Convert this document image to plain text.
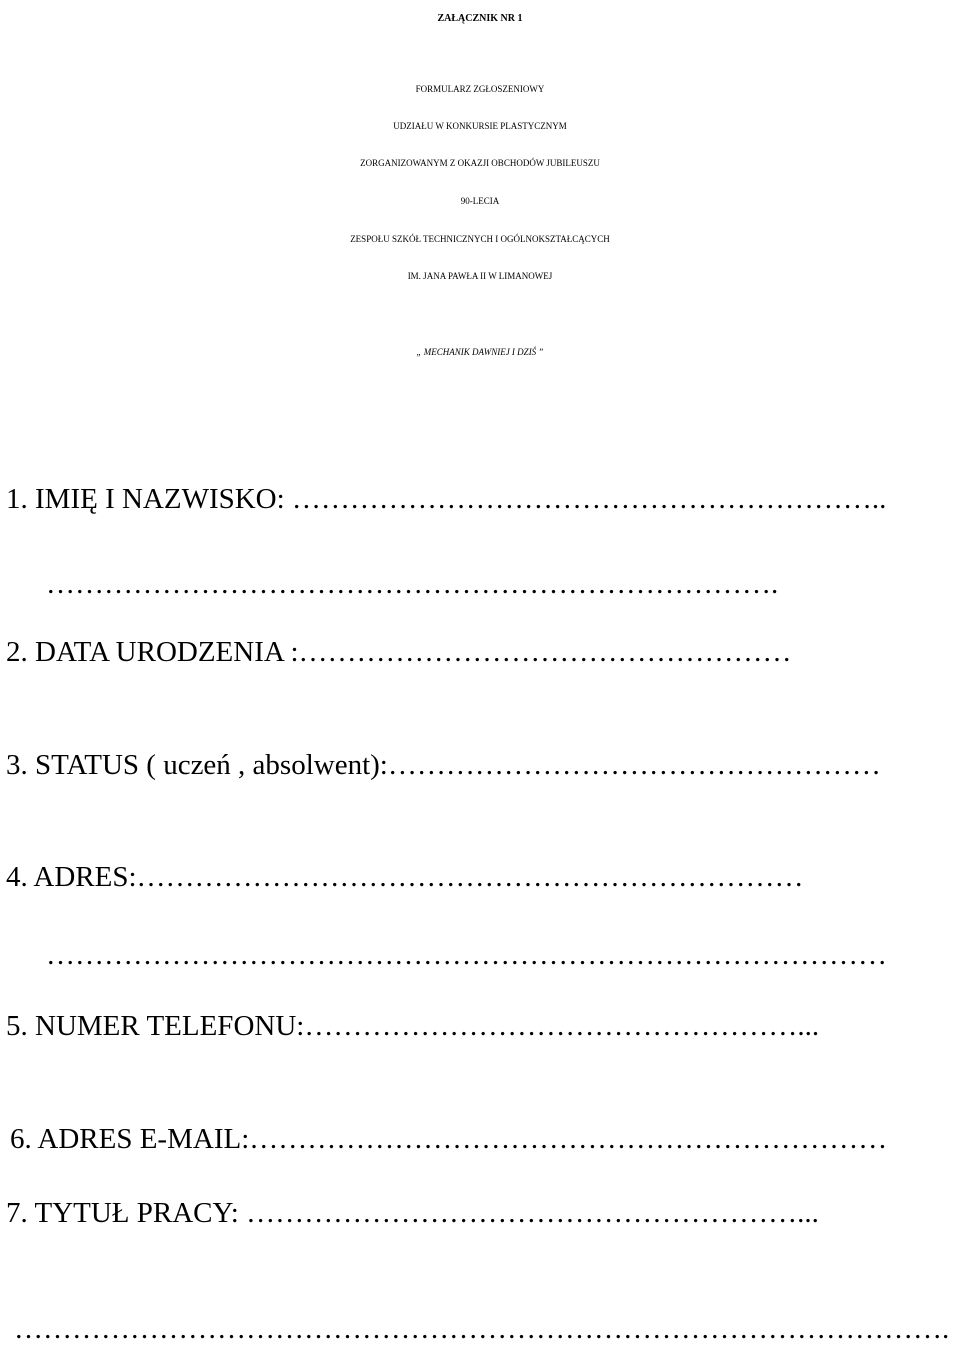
ZAŁĄCZNIK NR 1
FORMULARZ ZGŁOSZENIOWY
UDZIAŁU W KONKURSIE PLASTYCZNYM
ZORGANIZOWANYM Z OKAZJI OBCHODÓW JUBILEUSZU
90-LECIA
ZESPOŁU SZKÓŁ TECHNICZNYCH I OGÓLNOKSZTAŁCĄCYCH
IM. JANA PAWŁA II W LIMANOWEJ
„ MECHANIK DAWNIEJ I DZIŚ ”
1. IMIĘ I NAZWISKO: ……………………………………………………..
………………………………………………………………….
2. DATA URODZENIA :……………………………………………
3. STATUS ( uczeń , absolwent):……………………………………………
4. ADRES:……………………………………………………………
……………………………………………………………………………
5. NUMER TELEFONU:……………………………………………...
6. ADRES E-MAIL:…………………………………………………………
7. TYTUŁ PRACY: …………………………………………………...
…………………………………………………………………………………….
